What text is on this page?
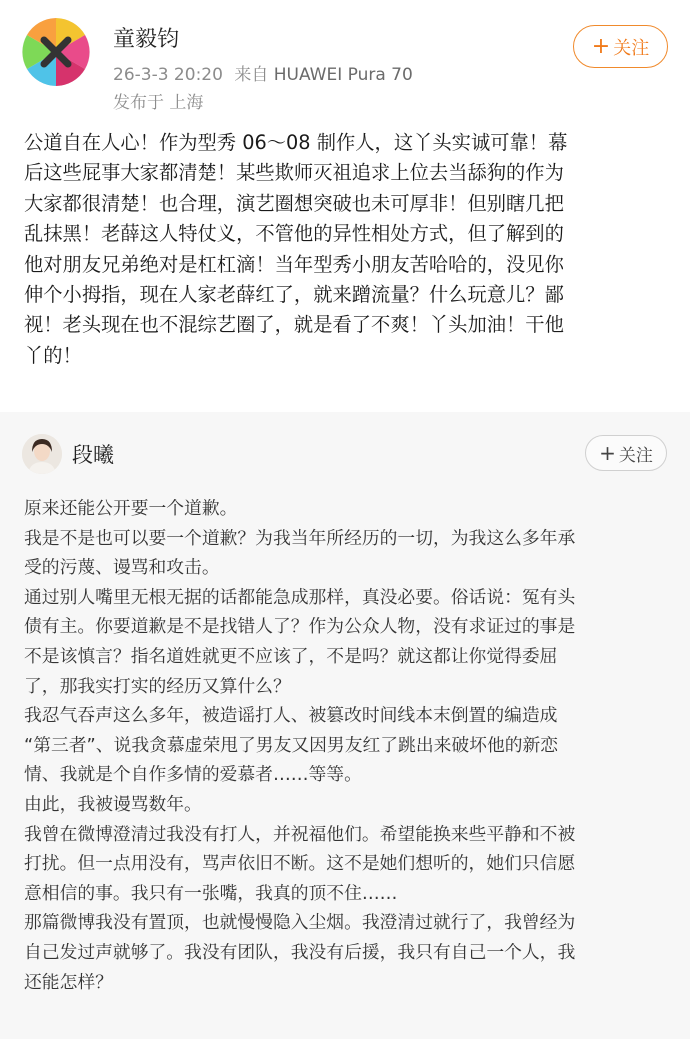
童毅钧
26-3-3 20:20 来自 HUAWEI Pura 70
发布于 上海
+ 关注
公道自在人心！作为型秀 06～08 制作人，这丫头实诚可靠！幕
后这些屁事大家都清楚！某些欺师灭祖追求上位去当舔狗的作为
大家都很清楚！也合理，演艺圈想突破也未可厚非！但别瞎几把
乱抹黑！老薛这人特仗义，不管他的异性相处方式，但了解到的
他对朋友兄弟绝对是杠杠滴！当年型秀小朋友苦哈哈的，没见你
伸个小拇指，现在人家老薛红了，就来蹭流量？什么玩意儿？鄙
视！老头现在也不混综艺圈了，就是看了不爽！丫头加油！干他
丫的！
段曦	+ 关注
原来还能公开要一个道歉。
我是不是也可以要一个道歉？为我当年所经历的一切，为我这么多年承
受的污蔑、谩骂和攻击。
通过别人嘴里无根无据的话都能急成那样，真没必要。俗话说：冤有头
债有主。你要道歉是不是找错人了？作为公众人物，没有求证过的事是
不是该慎言？指名道姓就更不应该了，不是吗？就这都让你觉得委屈
了，那我实打实的经历又算什么？
我忍气吞声这么多年，被造谣打人、被篡改时间线本末倒置的编造成
“第三者”、说我贪慕虚荣甩了男友又因男友红了跳出来破坏他的新恋
情、我就是个自作多情的爱慕者……等等。
由此，我被谩骂数年。
我曾在微博澄清过我没有打人，并祝福他们。希望能换来些平静和不被
打扰。但一点用没有，骂声依旧不断。这不是她们想听的，她们只信愿
意相信的事。我只有一张嘴，我真的顶不住……
那篇微博我没有置顶，也就慢慢隐入尘烟。我澄清过就行了，我曾经为
自己发过声就够了。我没有团队，我没有后援，我只有自己一个人，我
还能怎样？
